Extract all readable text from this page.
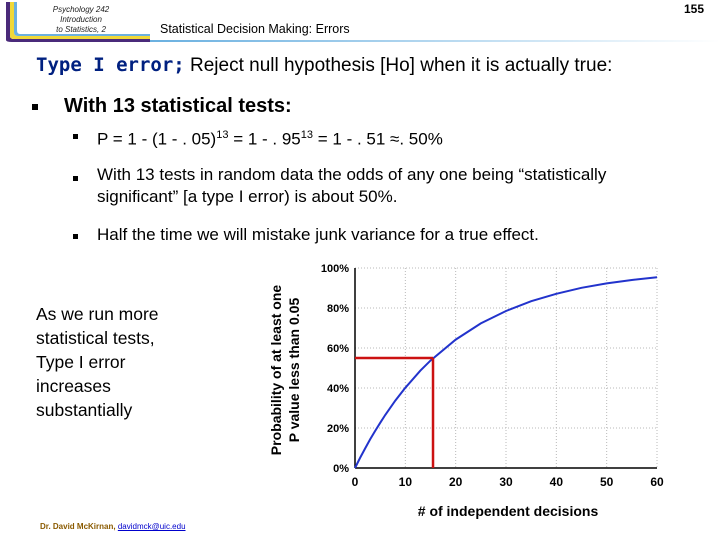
Psychology 242
Introduction
to Statistics, 2	Statistical Decision Making: Errors
155
Type I error; Reject null hypothesis [Ho] when it is actually true:
With 13 statistical tests:
P = 1 - (1 - . 05)$^{13}$ = 1 - . $95^{13} = 1$ - . 51 ≈. 50%
With 13 tests in random data the odds of any one being “statistically significant” [a type I error) is about 50%.
Half the time we will mistake junk variance for a true effect.
As we run more statistical tests, Type I error increases substantially
0%
20%
40%
60%
80%
100%
0	10	20	30	40	50	60
# of independent decisions
Probability of at least one P value less than 0.05
Dr. David McKirnan, davidmck@uic.edu
